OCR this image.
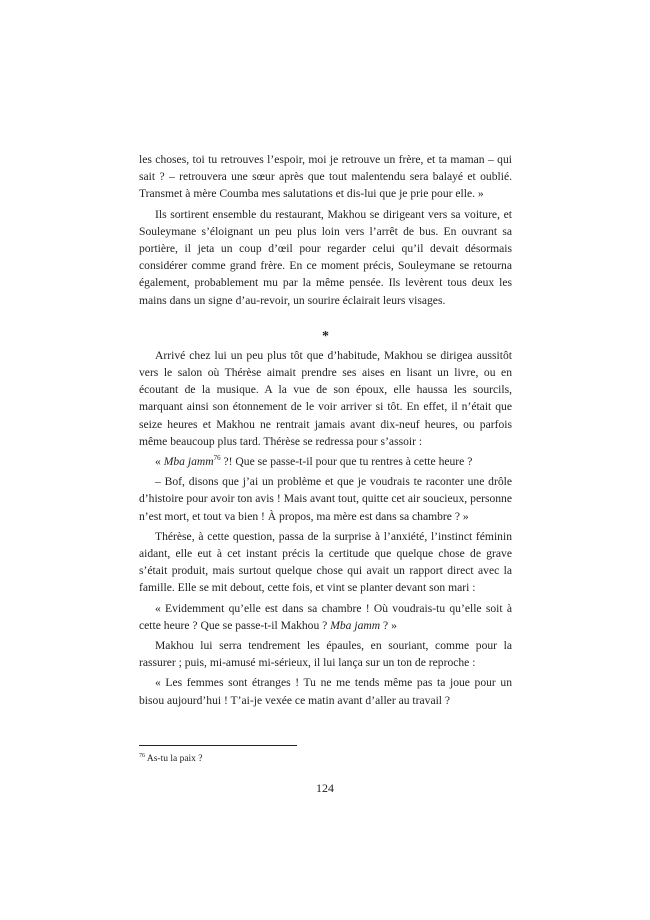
les choses, toi tu retrouves l’espoir, moi je retrouve un frère, et ta maman – qui sait ? – retrouvera une sœur après que tout malentendu sera balayé et oublié. Transmet à mère Coumba mes salutations et dis-lui que je prie pour elle. »

Ils sortirent ensemble du restaurant, Makhou se dirigeant vers sa voiture, et Souleymane s’éloignant un peu plus loin vers l’arrêt de bus. En ouvrant sa portière, il jeta un coup d’œil pour regarder celui qu’il devait désormais considérer comme grand frère. En ce moment précis, Souleymane se retourna également, probablement mu par la même pensée. Ils levèrent tous deux les mains dans un signe d’au-revoir, un sourire éclairait leurs visages.

*

Arrivé chez lui un peu plus tôt que d’habitude, Makhou se dirigea aussitôt vers le salon où Thérèse aimait prendre ses aises en lisant un livre, ou en écoutant de la musique. A la vue de son époux, elle haussa les sourcils, marquant ainsi son étonnement de le voir arriver si tôt. En effet, il n’était que seize heures et Makhou ne rentrait jamais avant dix-neuf heures, ou parfois même beaucoup plus tard. Thérèse se redressa pour s’assoir :

« Mba jamm$^{76}$ ?! Que se passe-t-il pour que tu rentres à cette heure ?

– Bof, disons que j’ai un problème et que je voudrais te raconter une drôle d’histoire pour avoir ton avis ! Mais avant tout, quitte cet air soucieux, personne n’est mort, et tout va bien ! À propos, ma mère est dans sa chambre ? »

Thérèse, à cette question, passa de la surprise à l’anxiété, l’instinct féminin aidant, elle eut à cet instant précis la certitude que quelque chose de grave s’était produit, mais surtout quelque chose qui avait un rapport direct avec la famille. Elle se mit debout, cette fois, et vint se planter devant son mari :

« Evidemment qu’elle est dans sa chambre ! Où voudrais-tu qu’elle soit à cette heure ? Que se passe-t-il Makhou ? Mba jamm ? »

Makhou lui serra tendrement les épaules, en souriant, comme pour la rassurer ; puis, mi-amusé mi-sérieux, il lui lança sur un ton de reproche :

« Les femmes sont étranges ! Tu ne me tends même pas ta joue pour un bisou aujourd’hui ! T’ai-je vexée ce matin avant d’aller au travail ?

$^{76}$ As-tu la paix ?
124
